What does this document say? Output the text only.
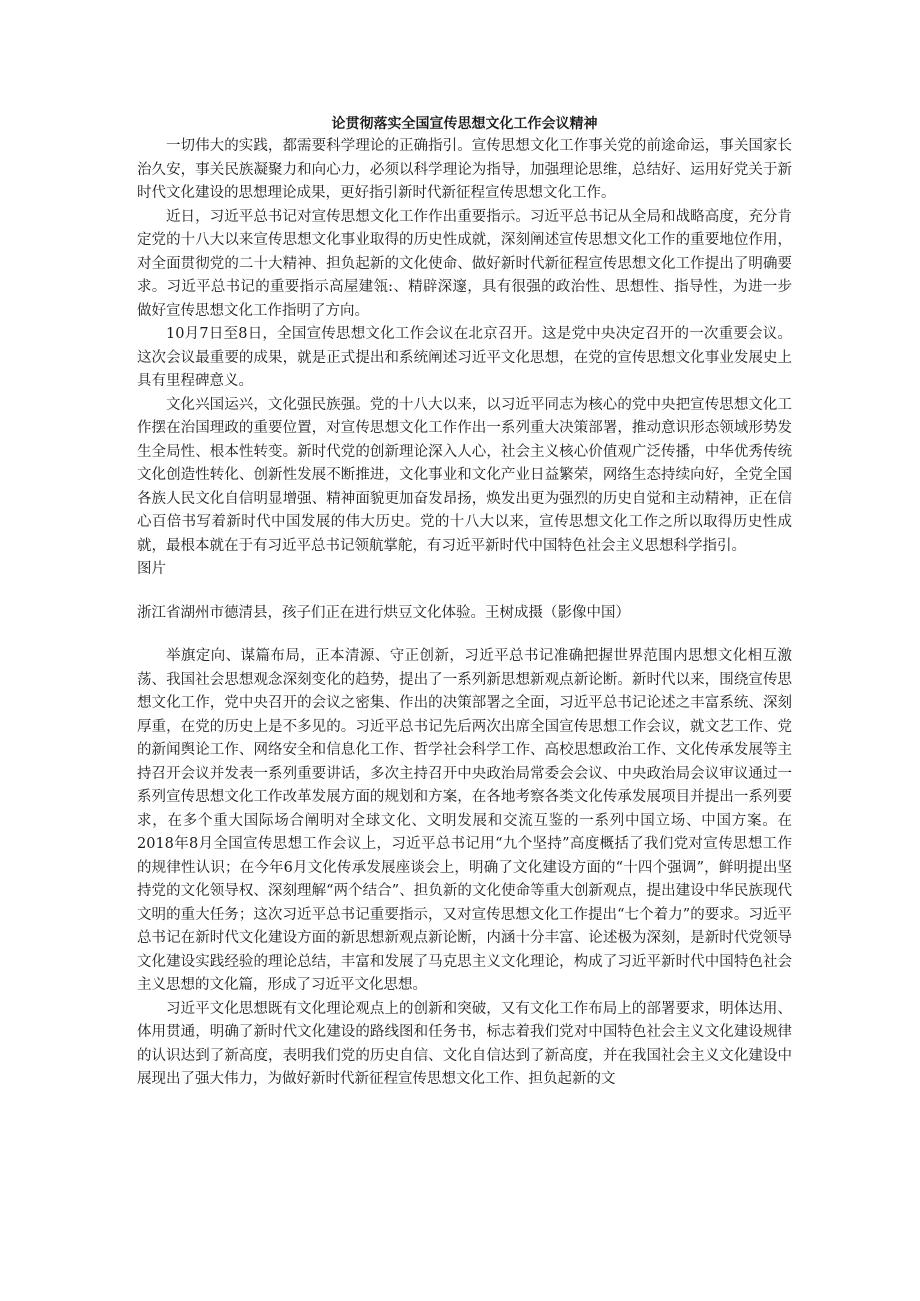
论贯彻落实全国宣传思想文化工作会议精神

一切伟大的实践，都需要科学理论的正确指引。宣传思想文化工作事关党的前途命运，事关国家长治久安，事关民族凝聚力和向心力，必须以科学理论为指导，加强理论思维，总结好、运用好党关于新时代文化建设的思想理论成果，更好指引新时代新征程宣传思想文化工作。

近日，习近平总书记对宣传思想文化工作作出重要指示。习近平总书记从全局和战略高度，充分肯定党的十八大以来宣传思想文化事业取得的历史性成就，深刻阐述宣传思想文化工作的重要地位作用，对全面贯彻党的二十大精神、担负起新的文化使命、做好新时代新征程宣传思想文化工作提出了明确要求。习近平总书记的重要指示高屋建瓴:、精辟深邃，具有很强的政治性、思想性、指导性，为进一步做好宣传思想文化工作指明了方向。

10月7日至8日，全国宣传思想文化工作会议在北京召开。这是党中央决定召开的一次重要会议。这次会议最重要的成果，就是正式提出和系统阐述习近平文化思想，在党的宣传思想文化事业发展史上具有里程碑意义。

文化兴国运兴，文化强民族强。党的十八大以来，以习近平同志为核心的党中央把宣传思想文化工作摆在治国理政的重要位置，对宣传思想文化工作作出一系列重大决策部署，推动意识形态领域形势发生全局性、根本性转变。新时代党的创新理论深入人心，社会主义核心价值观广泛传播，中华优秀传统文化创造性转化、创新性发展不断推进，文化事业和文化产业日益繁荣，网络生态持续向好，全党全国各族人民文化自信明显增强、精神面貌更加奋发昂扬，焕发出更为强烈的历史自觉和主动精神，正在信心百倍书写着新时代中国发展的伟大历史。党的十八大以来，宣传思想文化工作之所以取得历史性成就，最根本就在于有习近平总书记领航掌舵，有习近平新时代中国特色社会主义思想科学指引。

图片

浙江省湖州市德清县，孩子们正在进行烘豆文化体验。王树成摄（影像中国）

举旗定向、谋篇布局，正本清源、守正创新，习近平总书记准确把握世界范围内思想文化相互激荡、我国社会思想观念深刻变化的趋势，提出了一系列新思想新观点新论断。新时代以来，围绕宣传思想文化工作，党中央召开的会议之密集、作出的决策部署之全面，习近平总书记论述之丰富系统、深刻厚重，在党的历史上是不多见的。习近平总书记先后两次出席全国宣传思想工作会议，就文艺工作、党的新闻舆论工作、网络安全和信息化工作、哲学社会科学工作、高校思想政治工作、文化传承发展等主持召开会议并发表一系列重要讲话，多次主持召开中央政治局常委会会议、中央政治局会议审议通过一系列宣传思想文化工作改革发展方面的规划和方案，在各地考察各类文化传承发展项目并提出一系列要求，在多个重大国际场合阐明对全球文化、文明发展和交流互鉴的一系列中国立场、中国方案。在2018年8月全国宣传思想工作会议上，习近平总书记用“九个坚持”高度概括了我们党对宣传思想工作的规律性认识；在今年6月文化传承发展座谈会上，明确了文化建设方面的“十四个强调”，鲜明提出坚持党的文化领导权、深刻理解“两个结合”、担负新的文化使命等重大创新观点，提出建设中华民族现代文明的重大任务；这次习近平总书记重要指示，又对宣传思想文化工作提出“七个着力”的要求。习近平总书记在新时代文化建设方面的新思想新观点新论断，内涵十分丰富、论述极为深刻，是新时代党领导文化建设实践经验的理论总结，丰富和发展了马克思主义文化理论，构成了习近平新时代中国特色社会主义思想的文化篇，形成了习近平文化思想。

习近平文化思想既有文化理论观点上的创新和突破，又有文化工作布局上的部署要求，明体达用、体用贯通，明确了新时代文化建设的路线图和任务书，标志着我们党对中国特色社会主义文化建设规律的认识达到了新高度，表明我们党的历史自信、文化自信达到了新高度，并在我国社会主义文化建设中展现出了强大伟力，为做好新时代新征程宣传思想文化工作、担负起新的文
